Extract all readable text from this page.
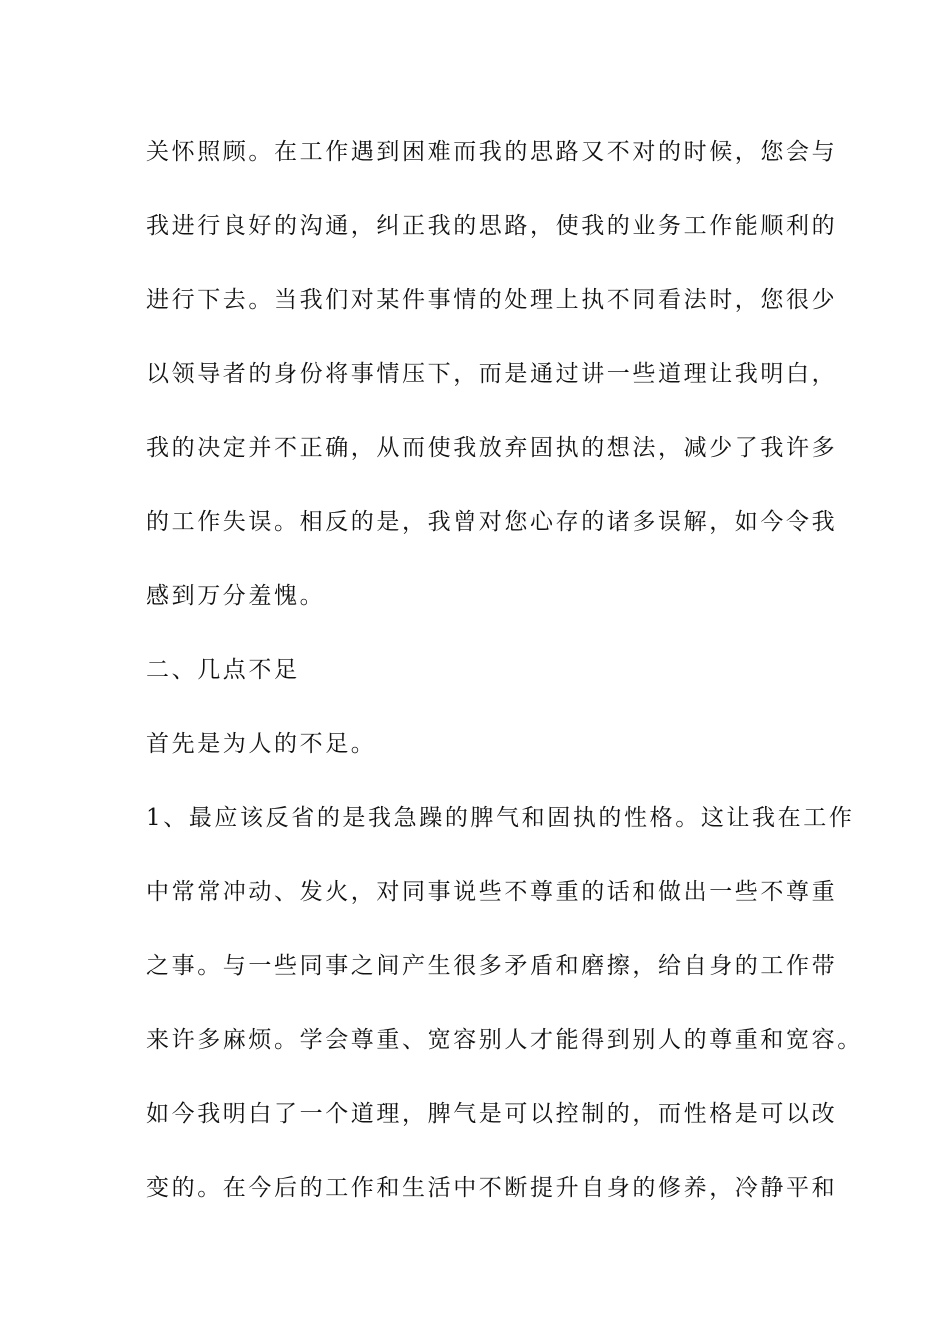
关怀照顾。在工作遇到困难而我的思路又不对的时候，您会与

我进行良好的沟通，纠正我的思路，使我的业务工作能顺利的

进行下去。当我们对某件事情的处理上执不同看法时，您很少

以领导者的身份将事情压下，而是通过讲一些道理让我明白，

我的决定并不正确，从而使我放弃固执的想法，减少了我许多

的工作失误。相反的是，我曾对您心存的诸多误解，如今令我

感到万分羞愧。

二、几点不足

首先是为人的不足。

1、最应该反省的是我急躁的脾气和固执的性格。这让我在工作

中常常冲动、发火，对同事说些不尊重的话和做出一些不尊重

之事。与一些同事之间产生很多矛盾和磨擦，给自身的工作带

来许多麻烦。学会尊重、宽容别人才能得到别人的尊重和宽容。

如今我明白了一个道理，脾气是可以控制的，而性格是可以改

变的。在今后的工作和生活中不断提升自身的修养，冷静平和
